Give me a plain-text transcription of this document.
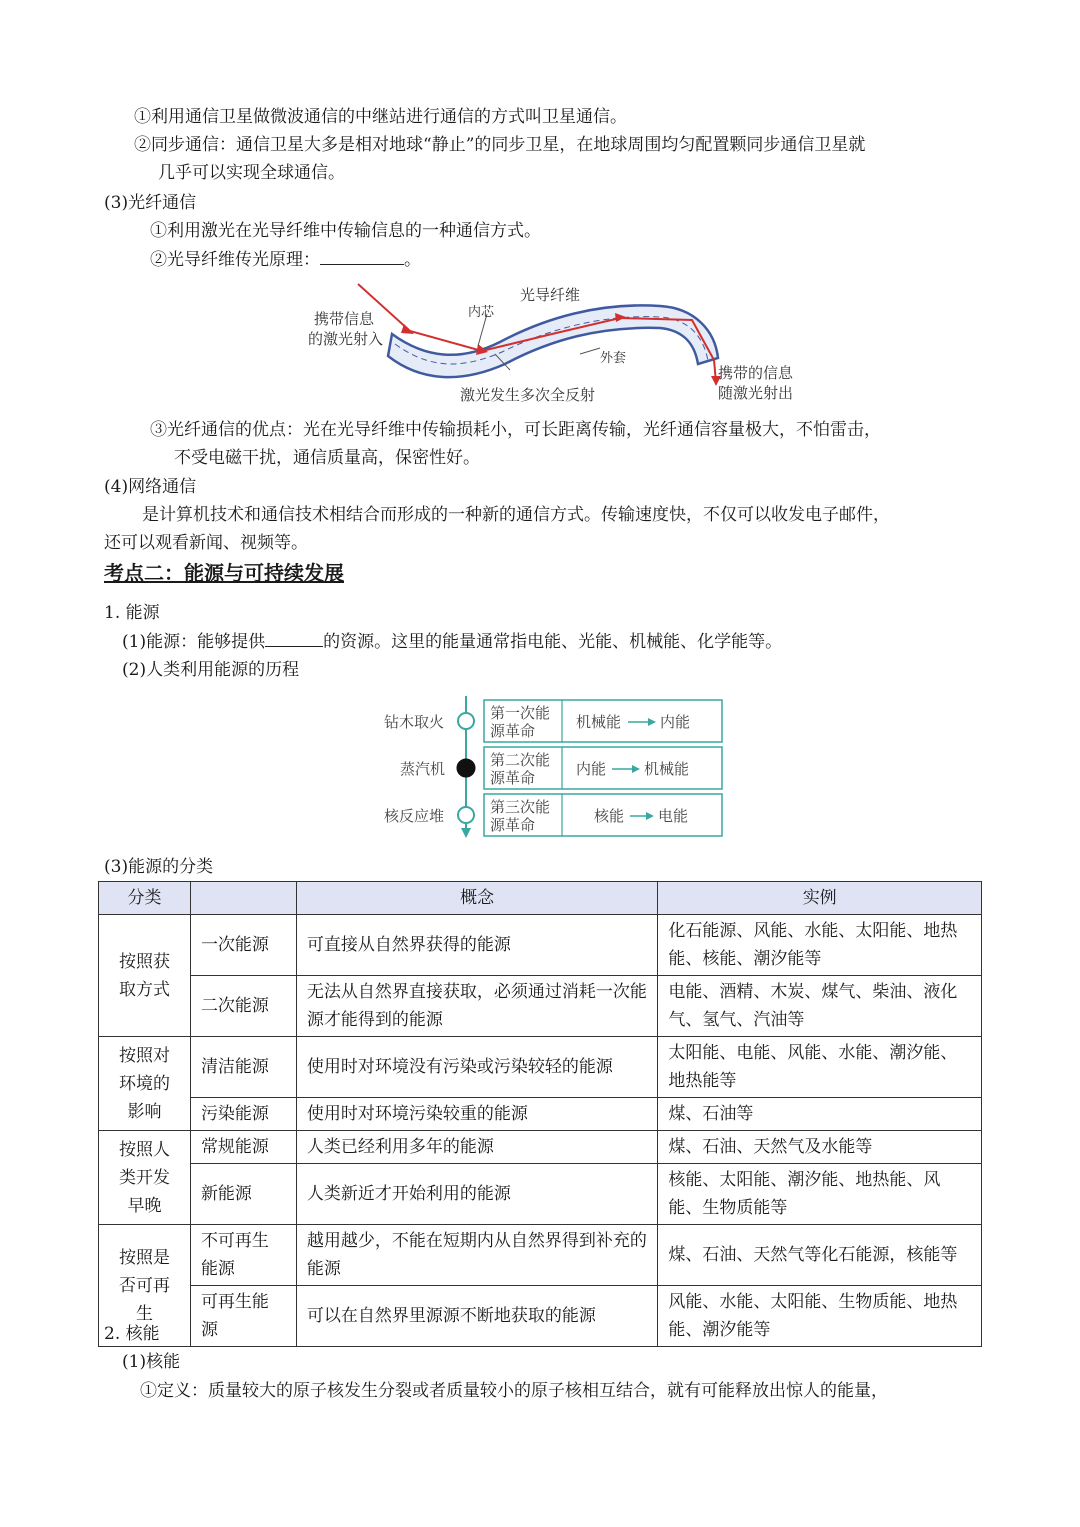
①利用通信卫星做微波通信的中继站进行通信的方式叫卫星通信。
②同步通信：通信卫星大多是相对地球“静止”的同步卫星，在地球周围均匀配置颗同步通信卫星就
几乎可以实现全球通信。
(3)光纤通信
①利用激光在光导纤维中传输信息的一种通信方式。
②光导纤维传光原理：	。
携带信息
的激光射入
内芯
光导纤维
外套
激光发生多次全反射
携带的信息
随激光射出
③光纤通信的优点：光在光导纤维中传输损耗小，可长距离传输，光纤通信容量极大，不怕雷击，
不受电磁干扰，通信质量高，保密性好。
(4)网络通信
是计算机技术和通信技术相结合而形成的一种新的通信方式。传输速度快，不仅可以收发电子邮件，
还可以观看新闻、视频等。
考点二：能源与可持续发展
1. 能源
(1)能源：能够提供	的资源。这里的能量通常指电能、光能、机械能、化学能等。
(2)人类利用能源的历程
钻木取火	第一次能
源革命	机械能	内能
蒸汽机	第二次能
源革命	内能	机械能
核反应堆	第三次能
源革命	核能 电能
(3)能源的分类
分类		概念	实例
按照获取方式	一次能源	可直接从自然界获得的能源	化石能源、风能、水能、太阳能、地热能、核能、潮汐能等
	二次能源	无法从自然界直接获取，必须通过消耗一次能源才能得到的能源	电能、酒精、木炭、煤气、柴油、液化气、氢气、汽油等
按照对环境的影响	清洁能源	使用时对环境没有污染或污染较轻的能源	太阳能、电能、风能、水能、潮汐能、地热能等
	污染能源	使用时对环境污染较重的能源	煤、石油等
按照人类开发早晚	常规能源	人类已经利用多年的能源	煤、石油、天然气及水能等
	新能源	人类新近才开始利用的能源	核能、太阳能、潮汐能、地热能、风能、生物质能等
按照是否可再生	不可再生能源	越用越少，不能在短期内从自然界得到补充的能源	煤、石油、天然气等化石能源，核能等
	可再生能源	可以在自然界里源源不断地获取的能源	风能、水能、太阳能、生物质能、地热能、潮汐能等
2. 核能
(1)核能
①定义：质量较大的原子核发生分裂或者质量较小的原子核相互结合，就有可能释放出惊人的能量，
